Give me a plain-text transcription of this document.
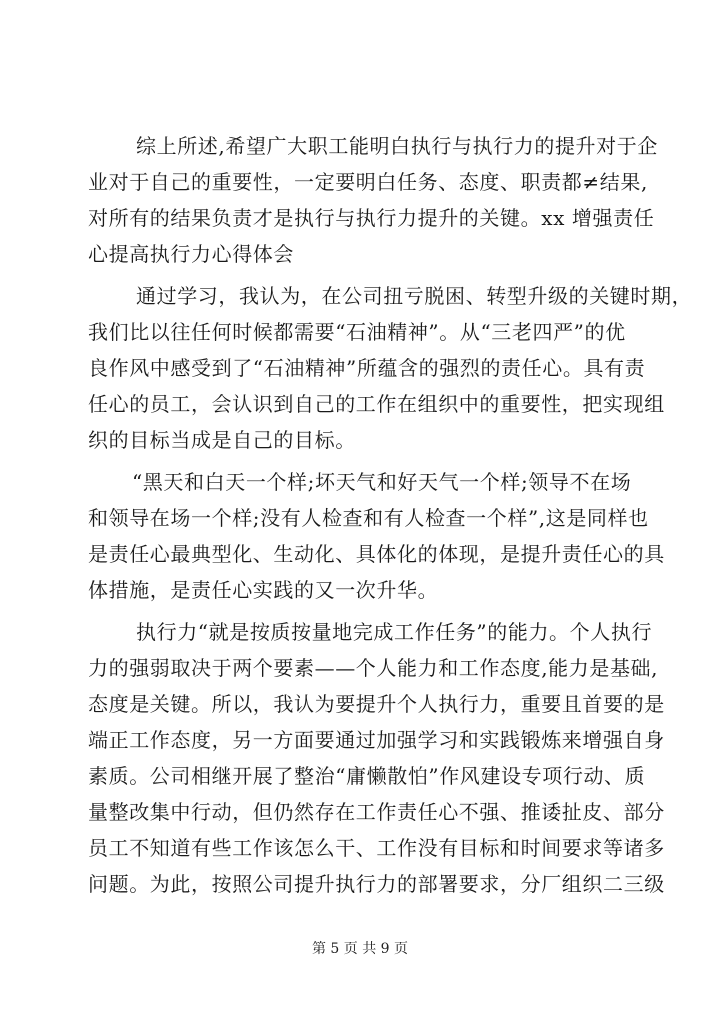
综上所述,希望广大职工能明白执行与执行力的提升对于企
业对于自己的重要性，一定要明白任务、态度、职责都≠结果,
对所有的结果负责才是执行与执行力提升的关键。xx 增强责任
心提高执行力心得体会

通过学习，我认为，在公司扭亏脱困、转型升级的关键时期，
我们比以往任何时候都需要“石油精神”。从“三老四严”的优
良作风中感受到了“石油精神”所蕴含的强烈的责任心。具有责
任心的员工，会认识到自己的工作在组织中的重要性，把实现组
织的目标当成是自己的目标。

“黑天和白天一个样;坏天气和好天气一个样;领导不在场
和领导在场一个样;没有人检查和有人检查一个样”,这是同样也
是责任心最典型化、生动化、具体化的体现，是提升责任心的具
体措施，是责任心实践的又一次升华。

执行力“就是按质按量地完成工作任务”的能力。个人执行
力的强弱取决于两个要素——个人能力和工作态度,能力是基础,
态度是关键。所以，我认为要提升个人执行力，重要且首要的是
端正工作态度，另一方面要通过加强学习和实践锻炼来增强自身
素质。公司相继开展了整治“庸懒散怕”作风建设专项行动、质
量整改集中行动，但仍然存在工作责任心不强、推诿扯皮、部分
员工不知道有些工作该怎么干、工作没有目标和时间要求等诸多
问题。为此，按照公司提升执行力的部署要求，分厂组织二三级

第 5 页 共 9 页
